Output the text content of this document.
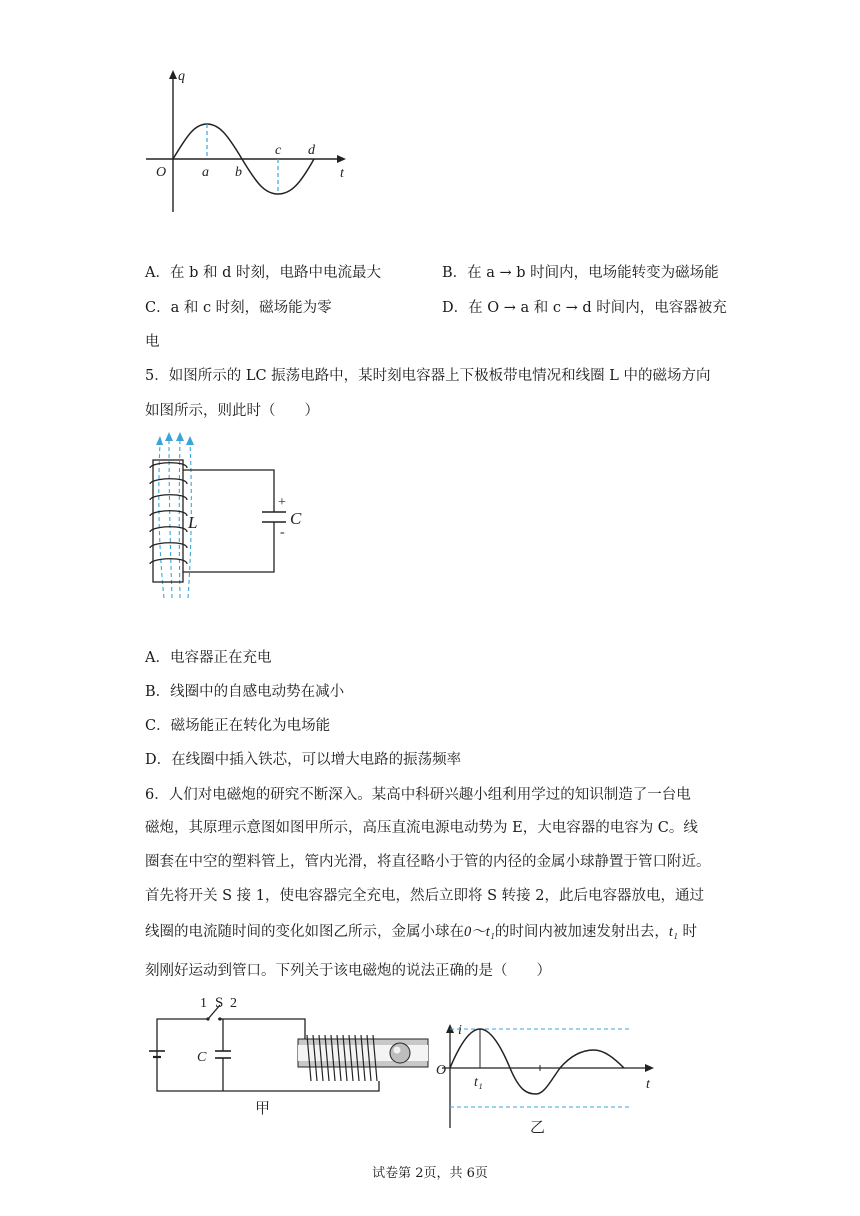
q
t
O	a b
c d
A．在 b 和 d 时刻，电路中电流最大	B．在 a → b 时间内，电场能转变为磁场能
C．a 和 c 时刻，磁场能为零	D．在 O → a 和 c → d 时间内，电容器被充
电
5．如图所示的 LC 振荡电路中，某时刻电容器上下极板带电情况和线圈 L 中的磁场方向
如图所示，则此时（　　）
+
-
C
L
A．电容器正在充电
B．线圈中的自感电动势在减小
C．磁场能正在转化为电场能
D．在线圈中插入铁芯，可以增大电路的振荡频率
6．人们对电磁炮的研究不断深入。某高中科研兴趣小组利用学过的知识制造了一台电
磁炮，其原理示意图如图甲所示，高压直流电源电动势为 E，大电容器的电容为 C。线
圈套在中空的塑料管上，管内光滑，将直径略小于管的内径的金属小球静置于管口附近。
首先将开关 S 接 1，使电容器完全充电，然后立即将 S 转接 2，此后电容器放电，通过
线圈的电流随时间的变化如图乙所示，金属小球在0～t₁的时间内被加速发射出去，t₁ 时
刻刚好运动到管口。下列关于该电磁炮的说法正确的是（　　）
1 S 2
C
甲
i
t
O
t₁
乙
试卷第 2页，共 6页
